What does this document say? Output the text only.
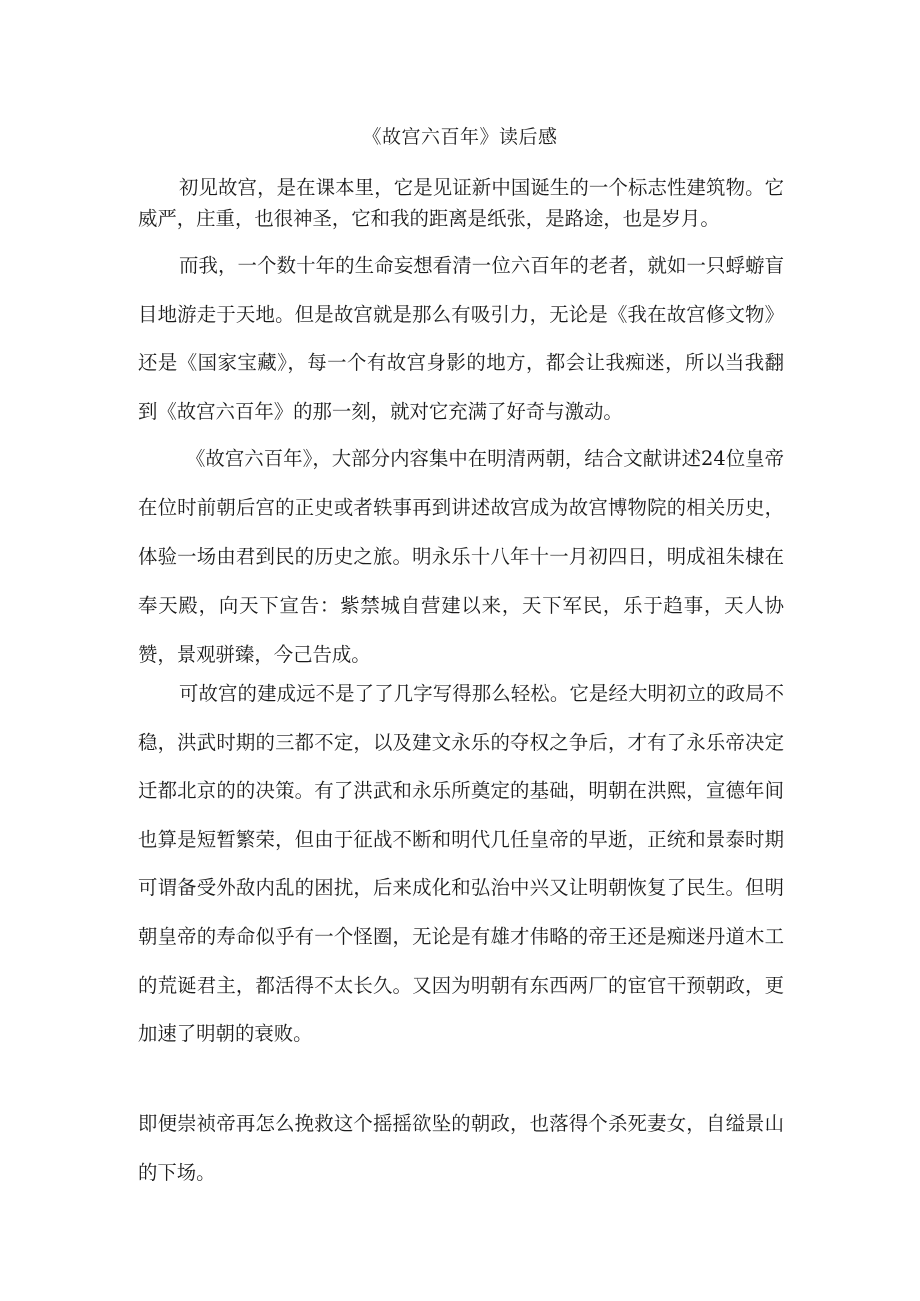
《故宫六百年》读后感

初见故宫，是在课本里，它是见证新中国诞生的一个标志性建筑物。它威严，庄重，也很神圣，它和我的距离是纸张，是路途，也是岁月。

而我，一个数十年的生命妄想看清一位六百年的老者，就如一只蜉蝣盲目地游走于天地。但是故宫就是那么有吸引力，无论是《我在故宫修文物》还是《国家宝藏》，每一个有故宫身影的地方，都会让我痴迷，所以当我翻到《故宫六百年》的那一刻，就对它充满了好奇与激动。

《故宫六百年》，大部分内容集中在明清两朝，结合文献讲述24位皇帝在位时前朝后宫的正史或者轶事再到讲述故宫成为故宫博物院的相关历史，体验一场由君到民的历史之旅。明永乐十八年十一月初四日，明成祖朱棣在奉天殿，向天下宣告：紫禁城自营建以来，天下军民，乐于趋事，天人协赞，景观骈臻，今己告成。

可故宫的建成远不是了了几字写得那么轻松。它是经大明初立的政局不稳，洪武时期的三都不定，以及建文永乐的夺权之争后，才有了永乐帝决定迁都北京的的决策。有了洪武和永乐所奠定的基础，明朝在洪熙，宣德年间也算是短暂繁荣，但由于征战不断和明代几任皇帝的早逝，正统和景泰时期可谓备受外敌内乱的困扰，后来成化和弘治中兴又让明朝恢复了民生。但明朝皇帝的寿命似乎有一个怪圈，无论是有雄才伟略的帝王还是痴迷丹道木工的荒诞君主，都活得不太长久。又因为明朝有东西两厂的宦官干预朝政，更加速了明朝的衰败。

即便崇祯帝再怎么挽救这个摇摇欲坠的朝政，也落得个杀死妻女，自缢景山的下场。
